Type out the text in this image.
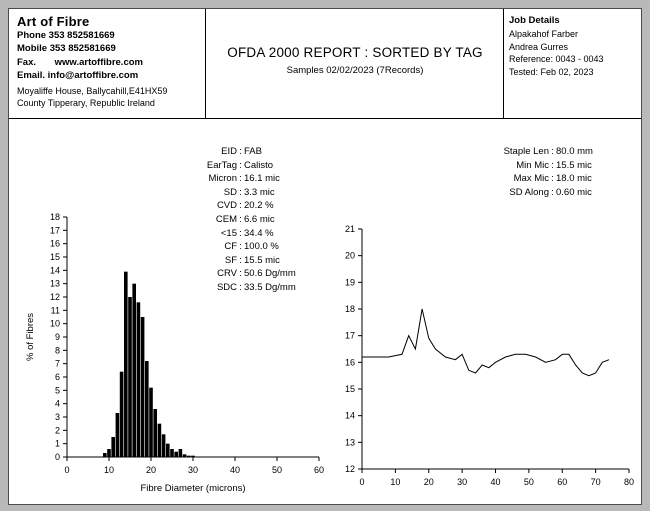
Art of Fibre
Phone 353 852581669
Mobile 353 852581669
Fax. www.artoffibre.com
Email. info@artoffibre.com
Moyaliffe House, Ballycahill,E41HX59
County Tipperary, Republic Ireland
OFDA 2000 REPORT : SORTED BY TAG
Samples 02/02/2023 (7Records)
Job Details
Alpakahof Farber
Andrea Gurres
Reference: 0043 - 0043
Tested: Feb 02, 2023
EID : FAB
EarTag : Calisto
Micron : 16.1 mic
SD : 3.3 mic
CVD : 20.2 %
CEM : 6.6 mic
<15 : 34.4 %
CF : 100.0 %
SF : 15.5 mic
CRV : 50.6 Dg/mm
SDC : 33.5 Dg/mm
Staple Len : 80.0 mm
Min Mic : 15.5 mic
Max Mic : 18.0 mic
SD Along : 0.60 mic
0
1
2
3
4
5
6
7
8
9
10
11
12
13
14
15
16
17
18
0	10	20	30	40	50	60
Fibre Diameter (microns)
% of Fibres
12
13
14
15
16
17
18
19
20
21
0	10	20	30	40	50	60	70	80
